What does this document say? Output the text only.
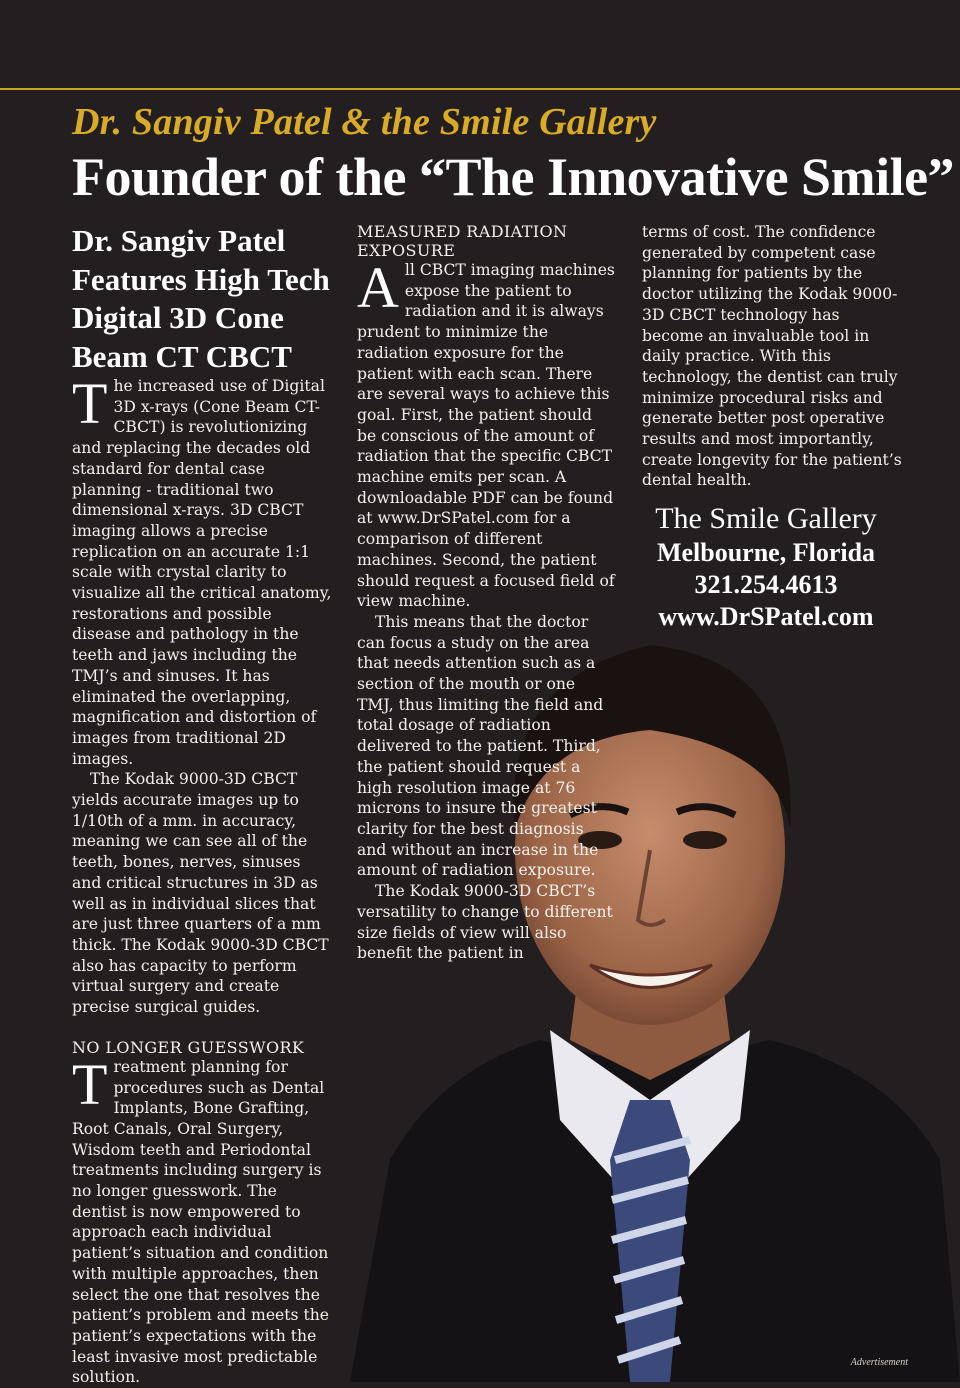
Dr. Sangiv Patel & the Smile Gallery
Founder of the “The Innovative Smile”

Dr. Sangiv Patel Features High Tech Digital 3D Cone Beam CT CBCT

The increased use of Digital 3D x-rays (Cone Beam CT-CBCT) is revolutionizing and replacing the decades old standard for dental case planning - traditional two dimensional x-rays. 3D CBCT imaging allows a precise replication on an accurate 1:1 scale with crystal clarity to visualize all the critical anatomy, restorations and possible disease and pathology in the teeth and jaws including the TMJ’s and sinuses. It has eliminated the overlapping, magnification and distortion of images from traditional 2D images.

The Kodak 9000-3D CBCT yields accurate images up to 1/10th of a mm. in accuracy, meaning we can see all of the teeth, bones, nerves, sinuses and critical structures in 3D as well as in individual slices that are just three quarters of a mm thick. The Kodak 9000-3D CBCT also has capacity to perform virtual surgery and create precise surgical guides.

NO LONGER GUESSWORK

Treatment planning for procedures such as Dental Implants, Bone Grafting, Root Canals, Oral Surgery, Wisdom teeth and Periodontal treatments including surgery is no longer guesswork. The dentist is now empowered to approach each individual patient’s situation and condition with multiple approaches, then select the one that resolves the patient’s problem and meets the patient’s expectations with the least invasive most predictable solution.

MEASURED RADIATION EXPOSURE

All CBCT imaging machines expose the patient to radiation and it is always prudent to minimize the radiation exposure for the patient with each scan. There are several ways to achieve this goal. First, the patient should be conscious of the amount of radiation that the specific CBCT machine emits per scan. A downloadable PDF can be found at www.DrSPatel.com for a comparison of different machines. Second, the patient should request a focused field of view machine.

This means that the doctor can focus a study on the area that needs attention such as a section of the mouth or one TMJ, thus limiting the field and total dosage of radiation delivered to the patient. Third, the patient should request a high resolution image at 76 microns to insure the greatest clarity for the best diagnosis and without an increase in the amount of radiation exposure.

The Kodak 9000-3D CBCT’s versatility to change to different size fields of view will also benefit the patient in

terms of cost. The confidence generated by competent case planning for patients by the doctor utilizing the Kodak 9000-3D CBCT technology has become an invaluable tool in daily practice. With this technology, the dentist can truly minimize procedural risks and generate better post operative results and most importantly, create longevity for the patient’s dental health.

The Smile Gallery
Melbourne, Florida
321.254.4613
www.DrSPatel.com
Advertisement
